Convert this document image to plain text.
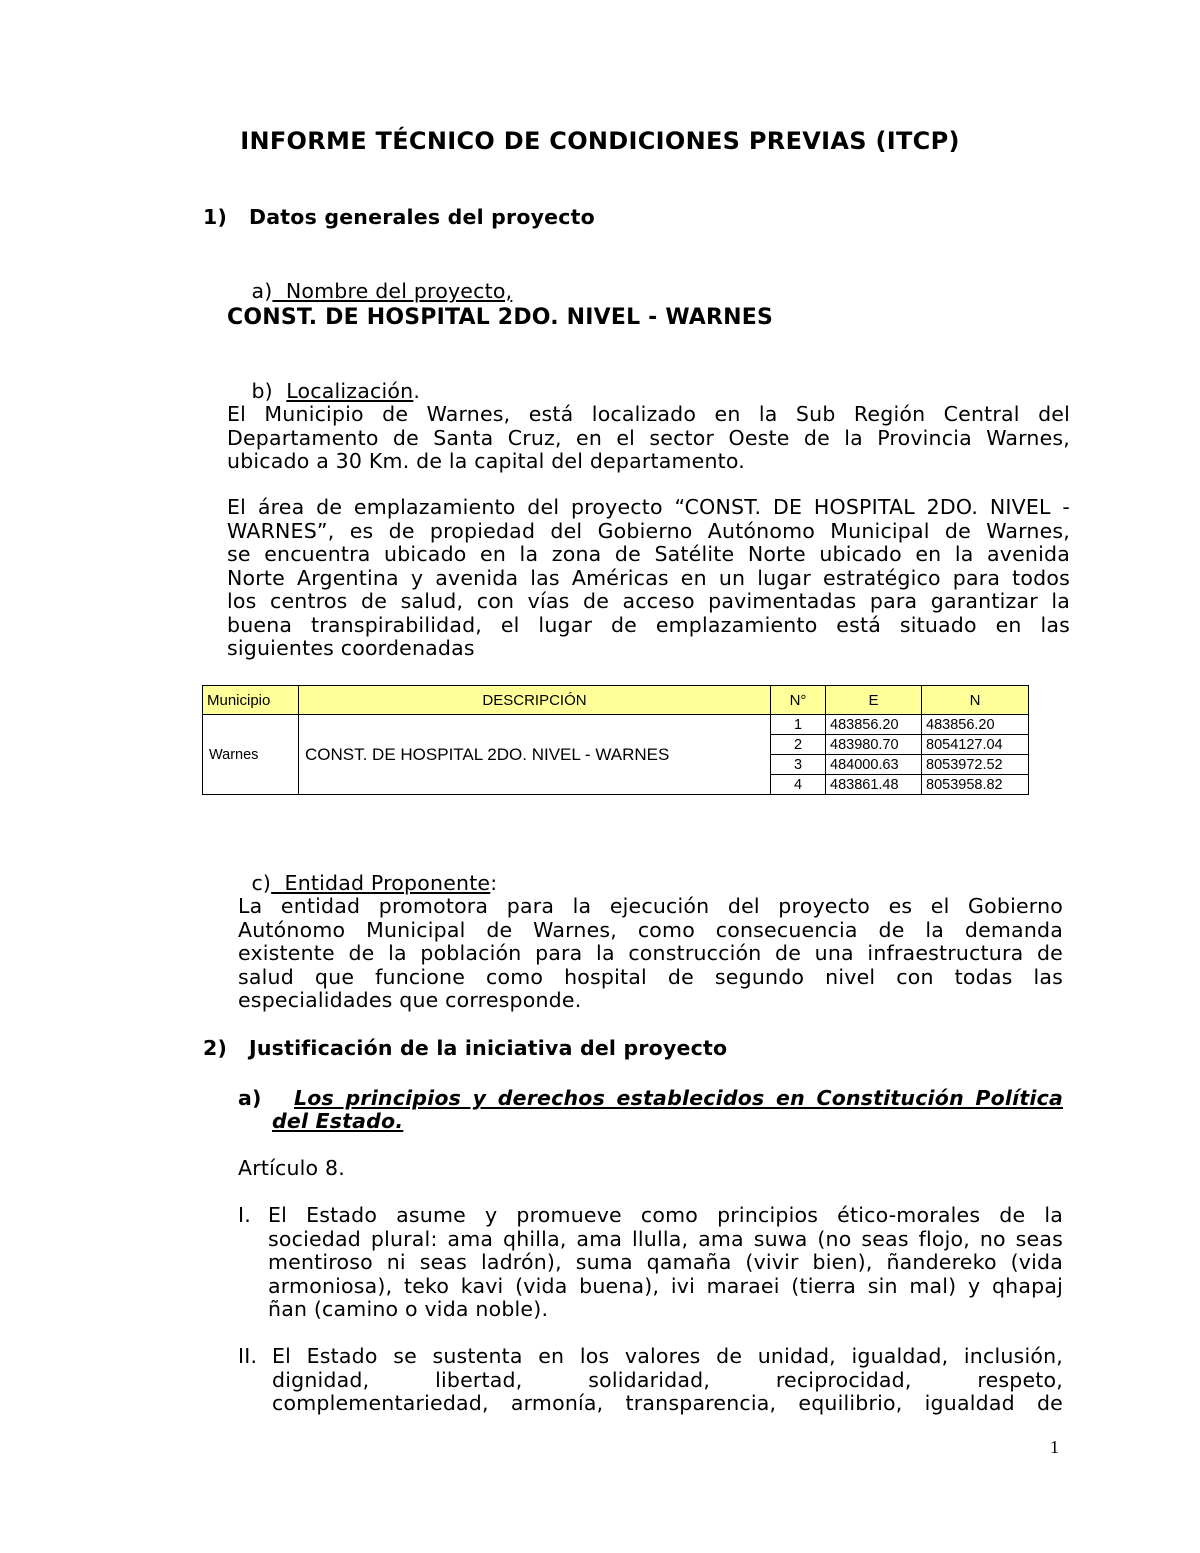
INFORME TÉCNICO DE CONDICIONES PREVIAS (ITCP)
1)   Datos generales del proyecto

a)  Nombre del proyecto,

CONST. DE HOSPITAL 2DO. NIVEL - WARNES

b)  Localización.

El Municipio de Warnes, está localizado en la Sub Región Central del
Departamento de Santa Cruz, en el sector Oeste de la Provincia Warnes,
ubicado a 30 Km. de la capital del departamento.
El área de emplazamiento del proyecto “CONST. DE HOSPITAL 2DO. NIVEL -
WARNES”, es de propiedad del Gobierno Autónomo Municipal de Warnes,
se encuentra ubicado en la zona de Satélite Norte ubicado en la avenida
Norte Argentina y avenida las Américas en un lugar estratégico para todos
los centros de salud, con vías de acceso pavimentadas para garantizar la
buena transpirabilidad, el lugar de emplazamiento está situado en las
siguientes coordenadas
Municipio	DESCRIPCIÓN	N°	E	N
Warnes	CONST. DE HOSPITAL 2DO. NIVEL - WARNES	1	483856.20	483856.20
		2	483980.70	8054127.04
		3	484000.63	8053972.52
		4	483861.48	8053958.82

c)  Entidad Proponente:

La entidad promotora para la ejecución del proyecto es el Gobierno
Autónomo Municipal de Warnes, como consecuencia de la demanda
existente de la población para la construcción de una infraestructura de
salud que funcione como hospital de segundo nivel con todas las
especialidades que corresponde.
2)   Justificación de la iniciativa del proyecto
a) Los principios y derechos establecidos en Constitución Política
del Estado.
Artículo 8.
I. El Estado asume y promueve como principios ético-morales de la
sociedad plural: ama qhilla, ama llulla, ama suwa (no seas flojo, no seas
mentiroso ni seas ladrón), suma qamaña (vivir bien), ñandereko (vida
armoniosa), teko kavi (vida buena), ivi maraei (tierra sin mal) y qhapaj
ñan (camino o vida noble).
II. El Estado se sustenta en los valores de unidad, igualdad, inclusión,
dignidad, libertad, solidaridad, reciprocidad, respeto,
complementariedad, armonía, transparencia, equilibrio, igualdad de
1
